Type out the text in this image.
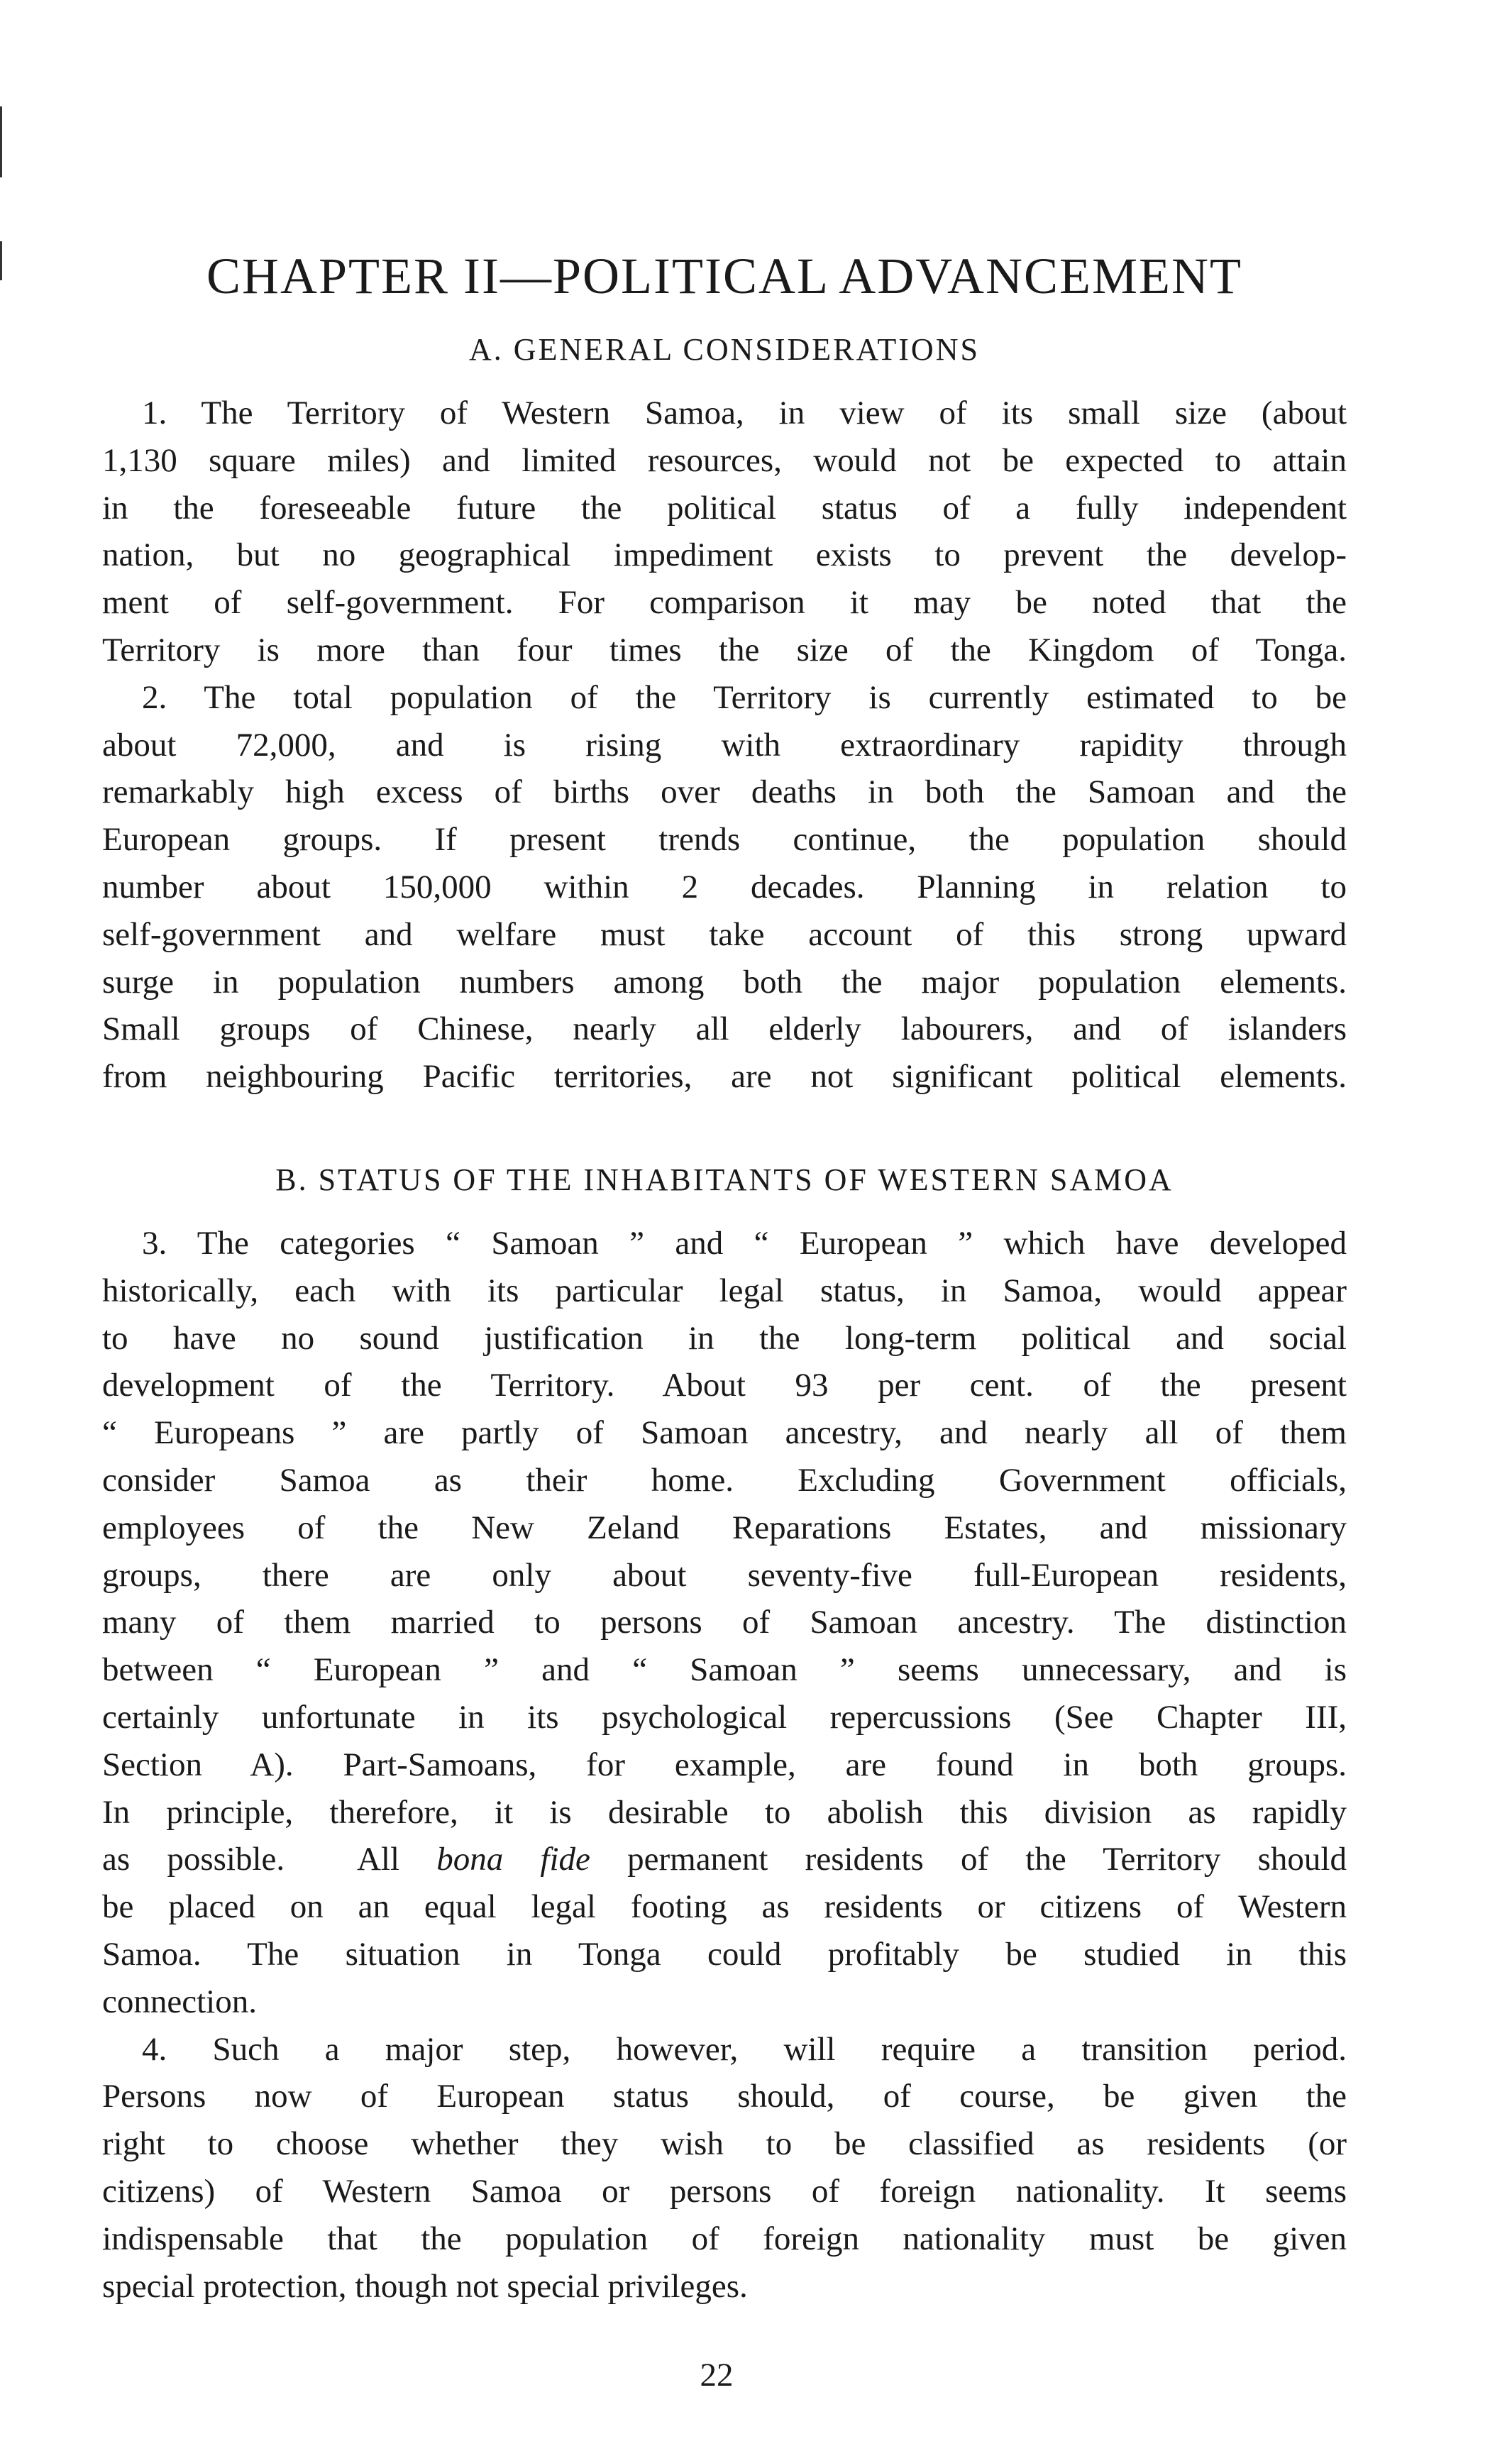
CHAPTER II—POLITICAL ADVANCEMENT
A. GENERAL CONSIDERATIONS
1. The Territory of Western Samoa, in view of its small size (about
1,130 square miles) and limited resources, would not be expected to attain
in the foreseeable future the political status of a fully independent
nation, but no geographical impediment exists to prevent the develop-
ment of self-government. For comparison it may be noted that the
Territory is more than four times the size of the Kingdom of Tonga.
2. The total population of the Territory is currently estimated to be
about 72,000, and is rising with extraordinary rapidity through
remarkably high excess of births over deaths in both the Samoan and the
European groups. If present trends continue, the population should
number about 150,000 within 2 decades. Planning in relation to
self-government and welfare must take account of this strong upward
surge in population numbers among both the major population elements.
Small groups of Chinese, nearly all elderly labourers, and of islanders
from neighbouring Pacific territories, are not significant political elements.
B. STATUS OF THE INHABITANTS OF WESTERN SAMOA
3. The categories “ Samoan ” and “ European ” which have developed
historically, each with its particular legal status, in Samoa, would appear
to have no sound justification in the long-term political and social
development of the Territory. About 93 per cent. of the present
“ Europeans ” are partly of Samoan ancestry, and nearly all of them
consider Samoa as their home. Excluding Government officials,
employees of the New Zeland Reparations Estates, and missionary
groups, there are only about seventy-five full-European residents,
many of them married to persons of Samoan ancestry. The distinction
between “ European ” and “ Samoan ” seems unnecessary, and is
certainly unfortunate in its psychological repercussions (See Chapter III,
Section A). Part-Samoans, for example, are found in both groups.
In principle, therefore, it is desirable to abolish this division as rapidly
as possible.  All bona fide permanent residents of the Territory should
be placed on an equal legal footing as residents or citizens of Western
Samoa. The situation in Tonga could profitably be studied in this
connection.
4. Such a major step, however, will require a transition period.
Persons now of European status should, of course, be given the
right to choose whether they wish to be classified as residents (or
citizens) of Western Samoa or persons of foreign nationality. It seems
indispensable that the population of foreign nationality must be given
special protection, though not special privileges.
22
